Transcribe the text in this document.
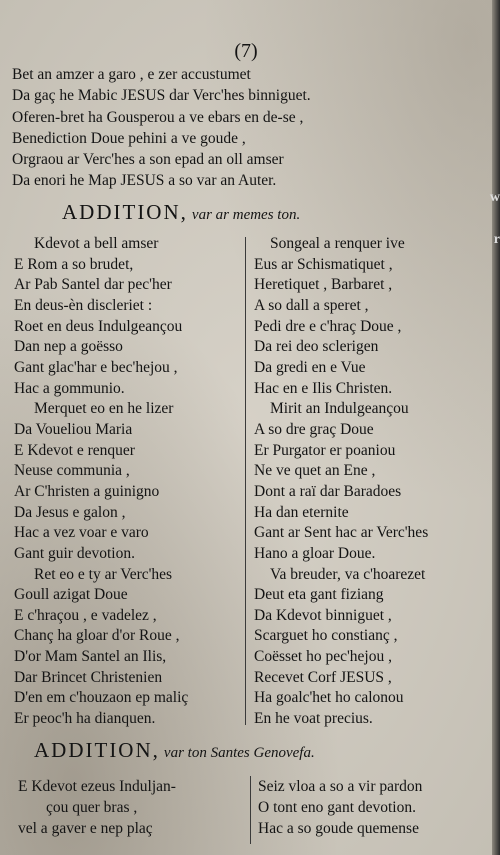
(7)
Bet an amzer a garo , e zer accustumet
Da gaç he Mabic JESUS dar Verc'hes binniguet.
Oferen-bret ha Gousperou a ve ebars en de-se ,
Benediction Doue pehini a ve goude ,
Orgraou ar Verc'hes a son epad an oll amser
Da enori he Map JESUS a so var an Auter.
ADDITION, var ar memes ton.
Kdevot a bell amser
E Rom a so brudet,
Ar Pab Santel dar pec'her
En deus-èn discleriet :
Roet en deus Indulgeançou
Dan nep a goësso
Gant glac'har e bec'hejou ,
Hac a gommunio.
Merquet eo en he lizer
Da Voueliou Maria
E Kdevot e renquer
Neuse communia ,
Ar C'hristen a guinigno
Da Jesus e galon ,
Hac a vez voar e varo
Gant guir devotion.
Ret eo e ty ar Verc'hes
Goull azigat Doue
E c'hraçou , e vadelez ,
Chanç ha gloar d'or Roue ,
D'or Mam Santel an Ilis,
Dar Brincet Christenien
D'en em c'houzaon ep maliç
Er peoc'h ha dianquen.
Songeal a renquer ive
Eus ar Schismatiquet ,
Heretiquet , Barbaret ,
A so dall a speret ,
Pedi dre e c'hraç Doue ,
Da rei deo sclerigen
Da gredi en e Vue
Hac en e Ilis Christen.
Mirit an Indulgeançou
A so dre graç Doue
Er Purgator er poaniou
Ne ve quet an Ene ,
Dont a raï dar Baradoes
Ha dan eternite
Gant ar Sent hac ar Verc'hes
Hano a gloar Doue.
Va breuder, va c'hoarezet
Deut eta gant fiziang
Da Kdevot binniguet ,
Scarguet ho constianç ,
Coësset ho pec'hejou ,
Recevet Corf JESUS ,
Ha goalc'het ho calonou
En he voat precius.
ADDITION, var ton Santes Genovefa.
E Kdevot ezeus Induljan-
çou quer bras ,
vel a gaver e nep plaç
Seiz vloa a so a vir pardon
O tont eno gant devotion.
Hac a so goude quemense
w
r
